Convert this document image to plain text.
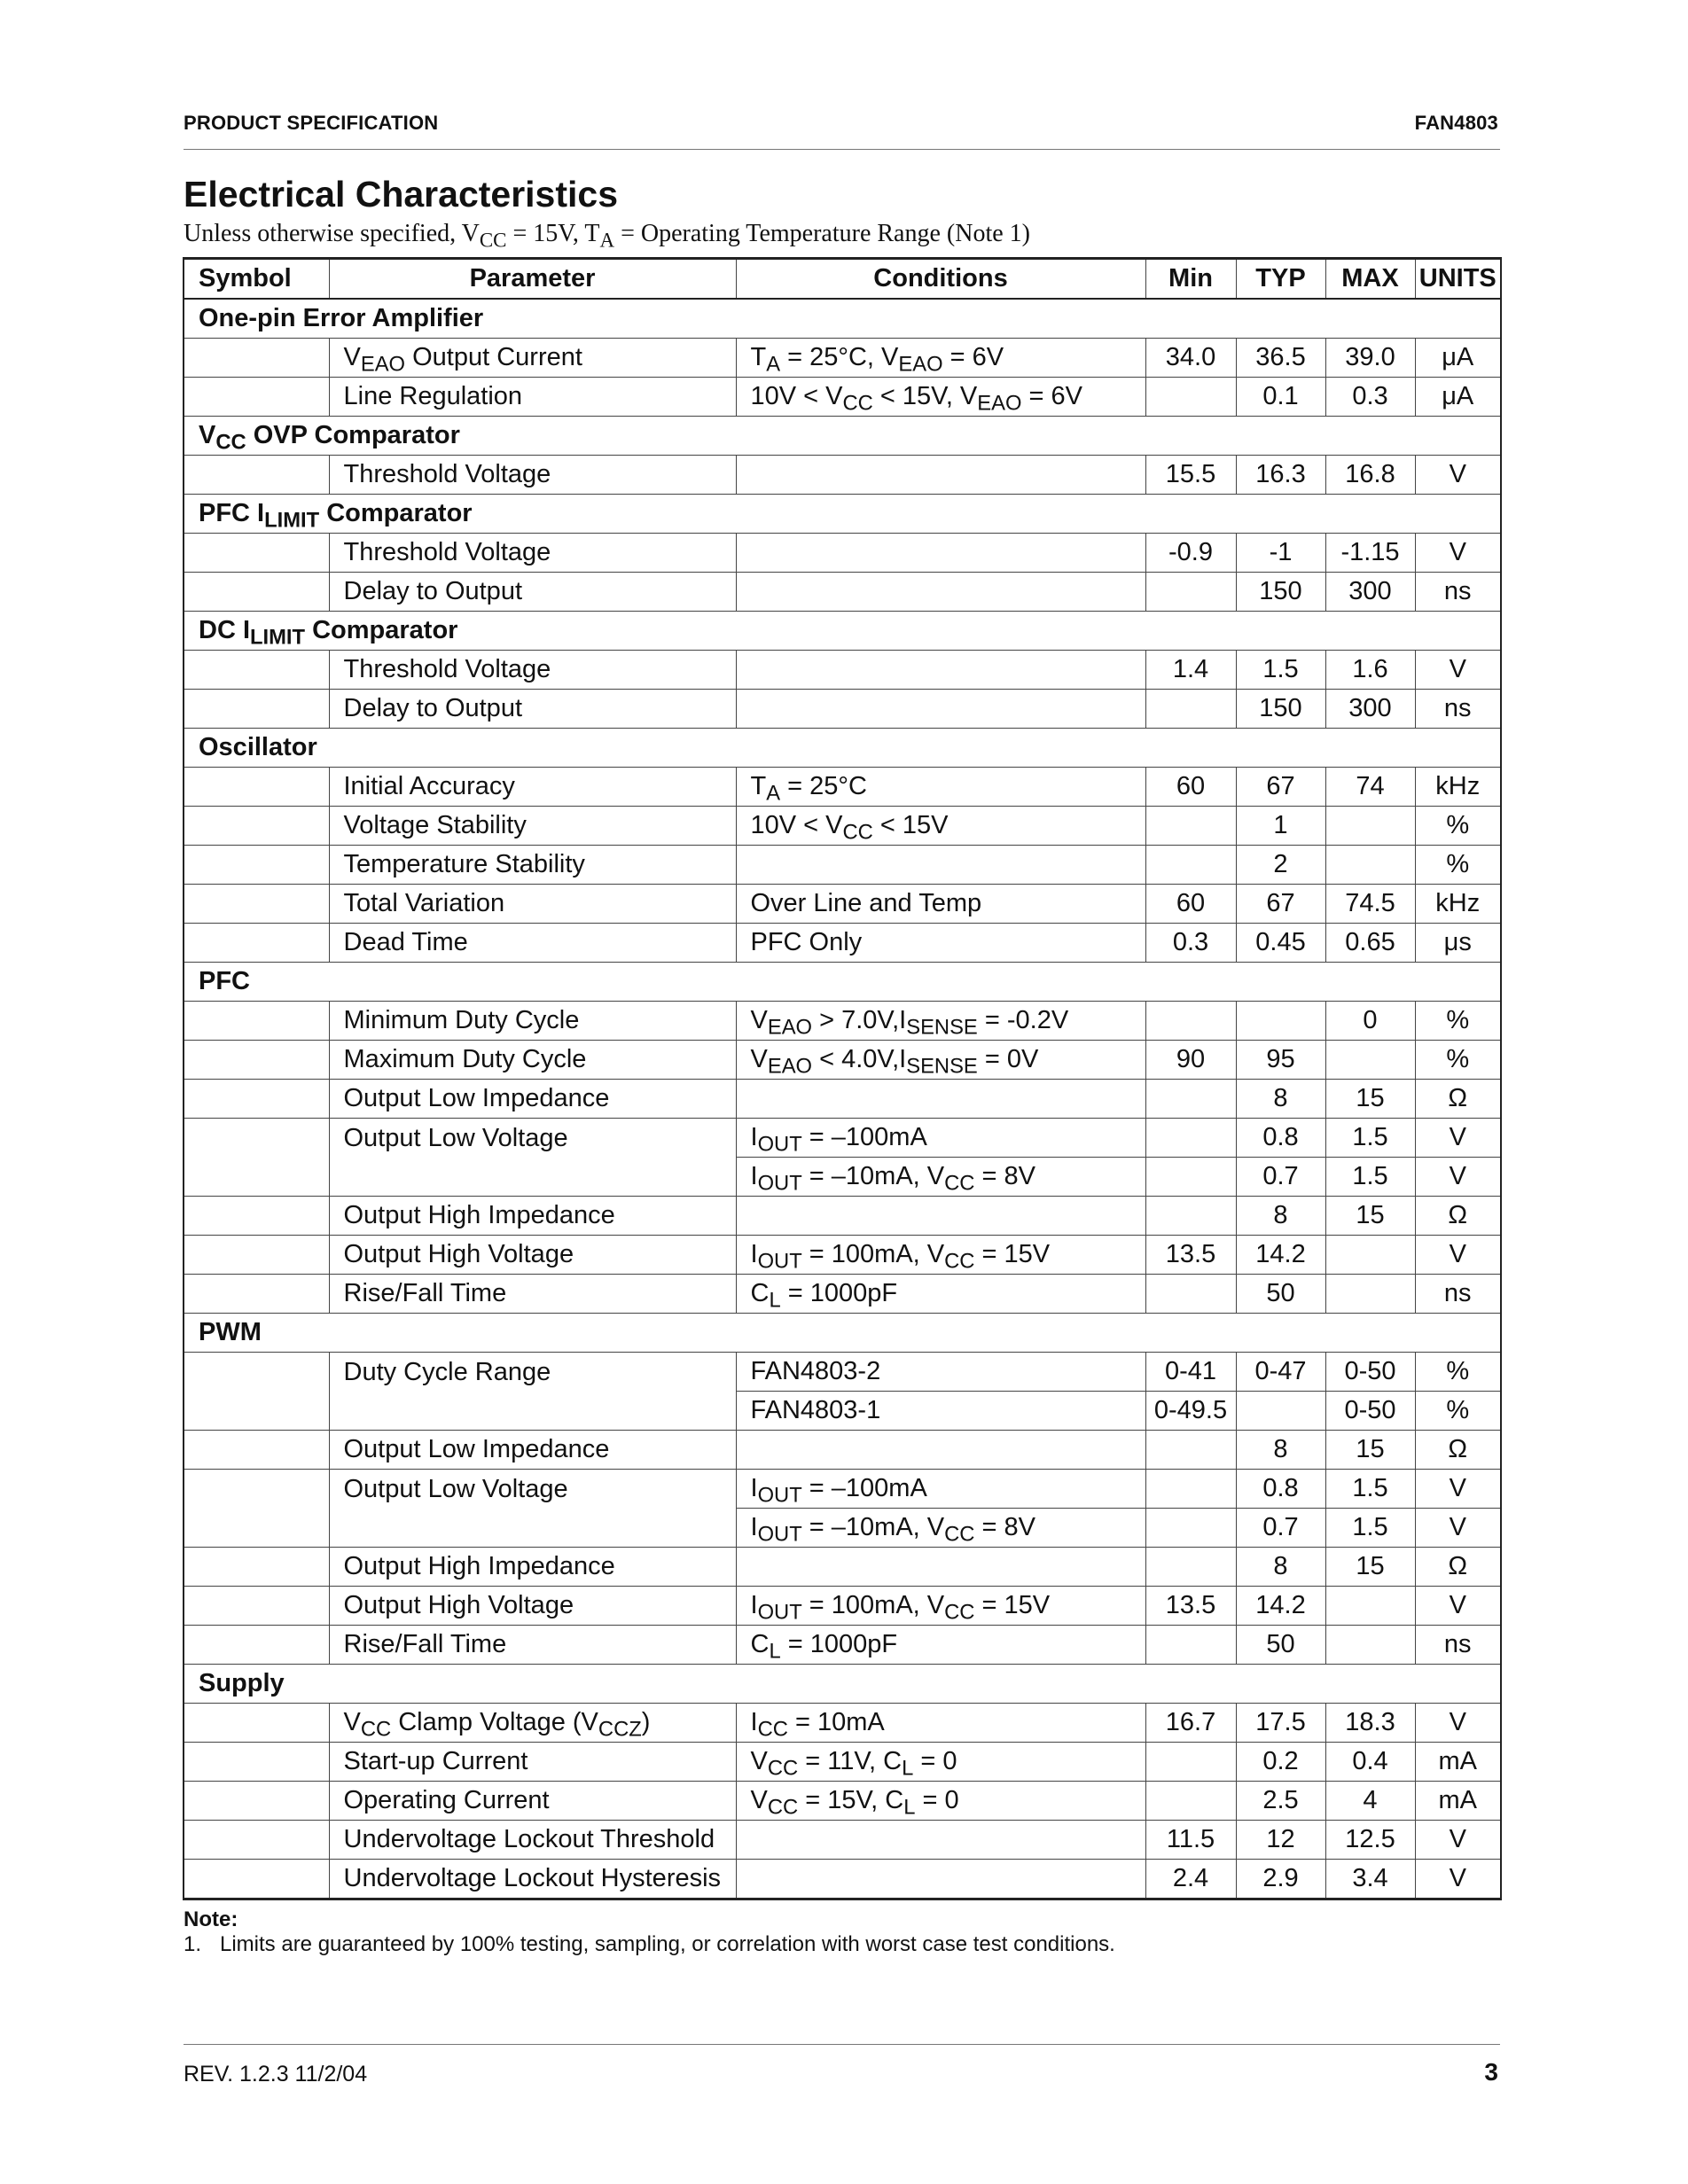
PRODUCT SPECIFICATION	FAN4803
Electrical Characteristics
Unless otherwise specified, $V_{CC} = 15V$, $T_A$ = Operating Temperature Range (Note 1)
Symbol	Parameter	Conditions	Min	TYP	MAX	UNITS
One-pin Error Amplifier						
	$V_{EAO}$ Output Current	$T_A = 25^\circ C$, $V_{EAO} = 6V$	34.0	36.5	39.0	μA
	Line Regulation	$10V < V_{CC} < 15V$, $V_{EAO} = 6V$		0.1	0.3	μA
$V_{CC}$ OVP Comparator						
	Threshold Voltage		15.5	16.3	16.8	V
PFC $I_{LIMIT}$ Comparator						
	Threshold Voltage		-0.9	-1	-1.15	V
	Delay to Output			150	300	ns
DC $I_{LIMIT}$ Comparator						
	Threshold Voltage		1.4	1.5	1.6	V
	Delay to Output			150	300	ns
Oscillator						
	Initial Accuracy	$T_A = 25^\circ C$	60	67	74	kHz
	Voltage Stability	$10V < V_{CC} < 15V$		1		%
	Temperature Stability			2		%
	Total Variation	Over Line and Temp	60	67	74.5	kHz
	Dead Time	PFC Only	0.3	0.45	0.65	μs
PFC						
	Minimum Duty Cycle	$V_{EAO} > 7.0V,I_{SENSE} = -0.2V$			0	%
	Maximum Duty Cycle	$V_{EAO} < 4.0V,I_{SENSE} = 0V$	90	95		%
	Output Low Impedance			8	15	Ω
	Output Low Voltage	$I_{OUT} = -100mA$		0.8	1.5	V
		$I_{OUT} = -10mA$, $V_{CC} = 8V$		0.7	1.5	V
	Output High Impedance			8	15	Ω
	Output High Voltage	$I_{OUT} = 100mA$, $V_{CC} = 15V$	13.5	14.2		V
	Rise/Fall Time	$C_L = 1000pF$		50		ns
PWM						
	Duty Cycle Range	FAN4803-2	0-41	0-47	0-50	%
		FAN4803-1	0-49.5		0-50	%
	Output Low Impedance			8	15	Ω
	Output Low Voltage	$I_{OUT} = -100mA$		0.8	1.5	V
		$I_{OUT} = -10mA$, $V_{CC} = 8V$		0.7	1.5	V
	Output High Impedance			8	15	Ω
	Output High Voltage	$I_{OUT} = 100mA$, $V_{CC} = 15V$	13.5	14.2		V
	Rise/Fall Time	$C_L = 1000pF$		50		ns
Supply						
	$V_{CC}$ Clamp Voltage $(V_{CCZ})$	$I_{CC} = 10mA$	16.7	17.5	18.3	V
	Start-up Current	$V_{CC} = 11V$, $C_L = 0$		0.2	0.4	mA
	Operating Current	$V_{CC} = 15V$, $C_L = 0$		2.5	4	mA
	Undervoltage Lockout Threshold		11.5	12	12.5	V
	Undervoltage Lockout Hysteresis		2.4	2.9	3.4	V
Note:
1. Limits are guaranteed by 100% testing, sampling, or correlation with worst case test conditions.
REV. 1.2.3 11/2/04	3
